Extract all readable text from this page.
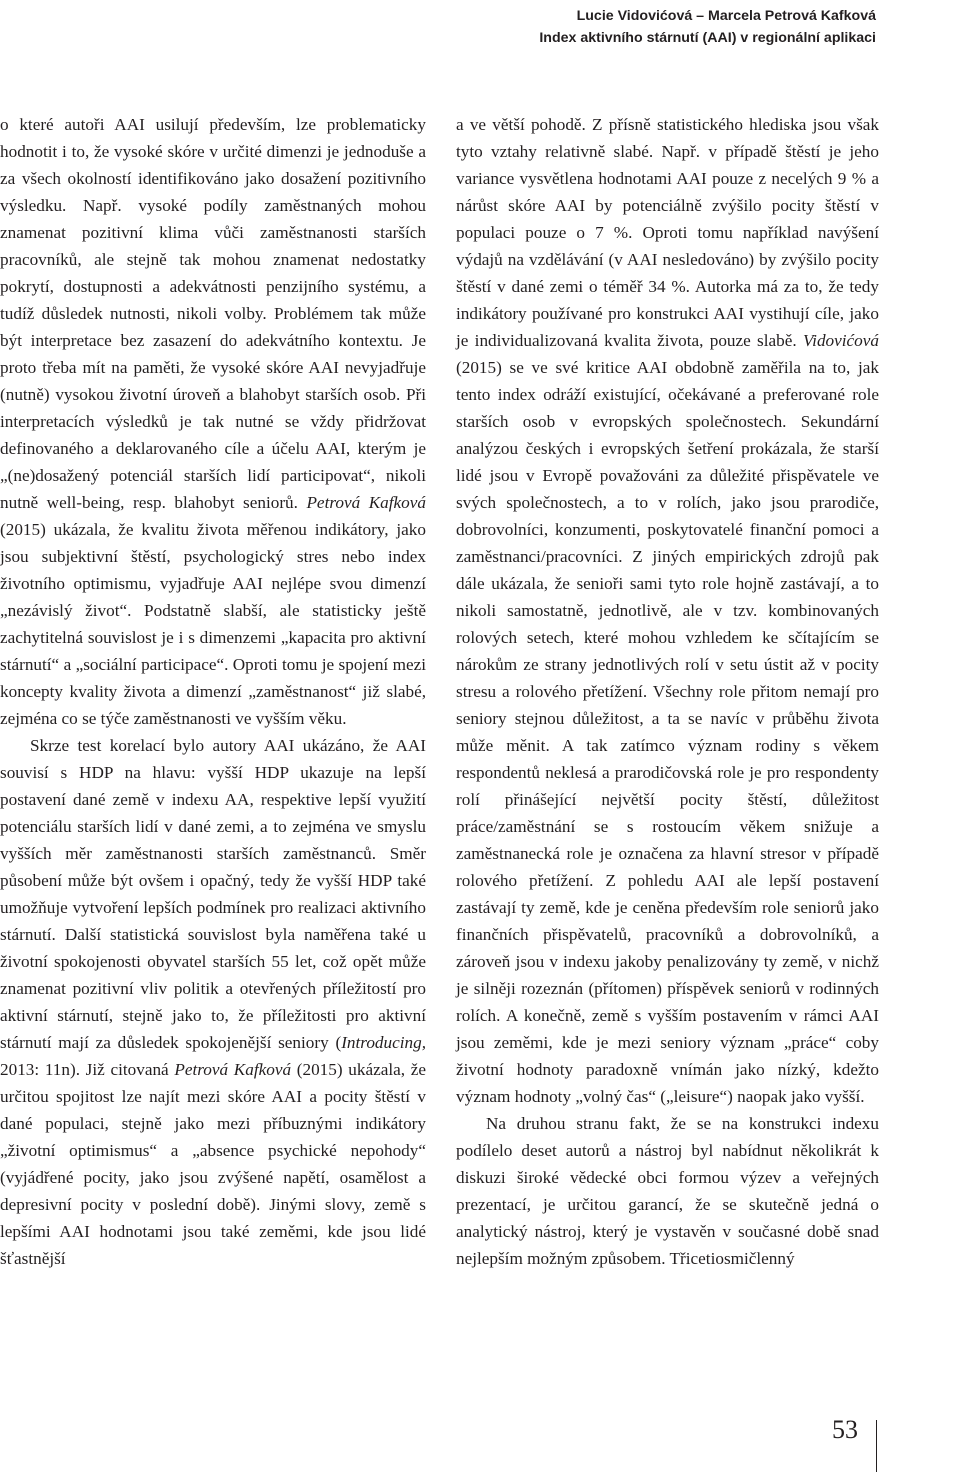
Lucie Vidovićová – Marcela Petrová Kafková
Index aktivního stárnutí (AAI) v regionální aplikaci

o které autoři AAI usilují především, lze problematicky hodnotit i to, že vysoké skóre v určité dimenzi je jednoduše a za všech okolností identifikováno jako dosažení pozitivního výsledku. Např. vysoké podíly zaměstnaných mohou znamenat pozitivní klima vůči zaměstnanosti starších pracovníků, ale stejně tak mohou znamenat nedostatky pokrytí, dostupnosti a adekvátnosti penzijního systému, a tudíž důsledek nutnosti, nikoli volby. Problémem tak může být interpretace bez zasazení do adekvátního kontextu. Je proto třeba mít na paměti, že vysoké skóre AAI nevyjadřuje (nutně) vysokou životní úroveň a blahobyt starších osob. Při interpretacích výsledků je tak nutné se vždy přidržovat definovaného a deklarovaného cíle a účelu AAI, kterým je „(ne)dosažený potenciál starších lidí participovat“, nikoli nutně well-being, resp. blahobyt seniorů. Petrová Kafková (2015) ukázala, že kvalitu života měřenou indikátory, jako jsou subjektivní štěstí, psychologický stres nebo index životního optimismu, vyjadřuje AAI nejlépe svou dimenzí „nezávislý život“. Podstatně slabší, ale statisticky ještě zachytitelná souvislost je i s dimenzemi „kapacita pro aktivní stárnutí“ a „sociální participace“. Oproti tomu je spojení mezi koncepty kvality života a dimenzí „zaměstnanost“ již slabé, zejména co se týče zaměstnanosti ve vyšším věku.

Skrze test korelací bylo autory AAI ukázáno, že AAI souvisí s HDP na hlavu: vyšší HDP ukazuje na lepší postavení dané země v indexu AA, respektive lepší využití potenciálu starších lidí v dané zemi, a to zejména ve smyslu vyšších měr zaměstnanosti starších zaměstnanců. Směr působení může být ovšem i opačný, tedy že vyšší HDP také umožňuje vytvoření lepších podmínek pro realizaci aktivního stárnutí. Další statistická souvislost byla naměřena také u životní spokojenosti obyvatel starších 55 let, což opět může znamenat pozitivní vliv politik a otevřených příležitostí pro aktivní stárnutí, stejně jako to, že příležitosti pro aktivní stárnutí mají za důsledek spokojenější seniory (Introducing, 2013: 11n). Již citovaná Petrová Kafková (2015) ukázala, že určitou spojitost lze najít mezi skóre AAI a pocity štěstí v dané populaci, stejně jako mezi příbuznými indikátory „životní optimismus“ a „absence psychické nepohody“ (vyjádřené pocity, jako jsou zvýšené napětí, osamělost a depresivní pocity v poslední době). Jinými slovy, země s lepšími AAI hodnotami jsou také zeměmi, kde jsou lidé šťastnější

a ve větší pohodě. Z přísně statistického hlediska jsou však tyto vztahy relativně slabé. Např. v případě štěstí je jeho variance vysvětlena hodnotami AAI pouze z necelých 9 % a nárůst skóre AAI by potenciálně zvýšilo pocity štěstí v populaci pouze o 7 %. Oproti tomu například navýšení výdajů na vzdělávání (v AAI nesledováno) by zvýšilo pocity štěstí v dané zemi o téměř 34 %. Autorka má za to, že tedy indikátory používané pro konstrukci AAI vystihují cíle, jako je individualizovaná kvalita života, pouze slabě. Vidovićová (2015) se ve své kritice AAI obdobně zaměřila na to, jak tento index odráží existující, očekávané a preferované role starších osob v evropských společnostech. Sekundární analýzou českých i evropských šetření prokázala, že starší lidé jsou v Evropě považováni za důležité přispěvatele ve svých společnostech, a to v rolích, jako jsou prarodiče, dobrovolníci, konzumenti, poskytovatelé finanční pomoci a zaměstnanci/pracovníci. Z jiných empirických zdrojů pak dále ukázala, že senioři sami tyto role hojně zastávají, a to nikoli samostatně, jednotlivě, ale v tzv. kombinovaných rolových setech, které mohou vzhledem ke sčítajícím se nárokům ze strany jednotlivých rolí v setu ústit až v pocity stresu a rolového přetížení. Všechny role přitom nemají pro seniory stejnou důležitost, a ta se navíc v průběhu života může měnit. A tak zatímco význam rodiny s věkem respondentů neklesá a prarodičovská role je pro respondenty rolí přinášející největší pocity štěstí, důležitost práce/zaměstnání se s rostoucím věkem snižuje a zaměstnanecká role je označena za hlavní stresor v případě rolového přetížení. Z pohledu AAI ale lepší postavení zastávají ty země, kde je ceněna především role seniorů jako finančních přispěvatelů, pracovníků a dobrovolníků, a zároveň jsou v indexu jakoby penalizovány ty země, v nichž je silněji rozeznán (přítomen) příspěvek seniorů v rodinných rolích. A konečně, země s vyšším postavením v rámci AAI jsou zeměmi, kde je mezi seniory význam „práce“ coby životní hodnoty paradoxně vnímán jako nízký, kdežto význam hodnoty „volný čas“ („leisure“) naopak jako vyšší.

Na druhou stranu fakt, že se na konstrukci indexu podílelo deset autorů a nástroj byl nabídnut několikrát k diskuzi široké vědecké obci formou výzev a veřejných prezentací, je určitou garancí, že se skutečně jedná o analytický nástroj, který je vystavěn v současné době snad nejlepším možným způsobem. Třicetiosmičlenný

53
